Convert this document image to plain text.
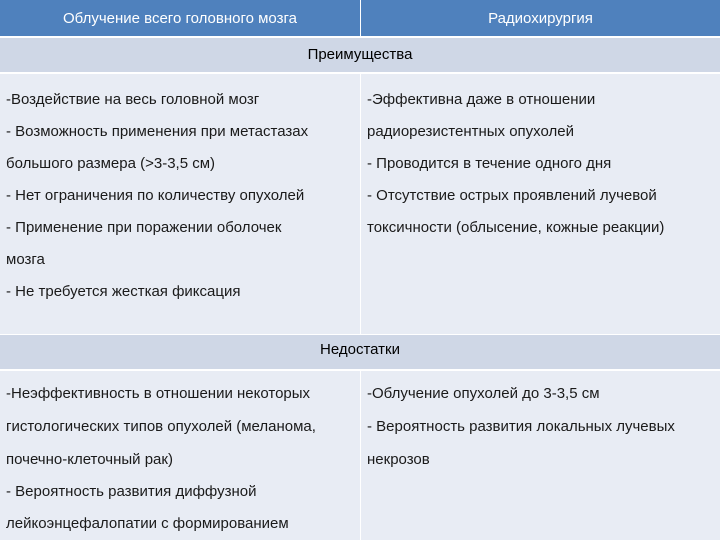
Облучение всего головного мозга	Радиохирургия
Преимущества
-Воздействие на весь головной мозг
- Возможность применения при метастазах
большого размера (>3-3,5 см)
- Нет ограничения по количеству опухолей
- Применение при поражении оболочек
мозга
- Не требуется жесткая фиксация
-Эффективна даже в отношении
радиорезистентных опухолей
- Проводится в течение одного дня
- Отсутствие острых проявлений лучевой
токсичности (облысение, кожные реакции)
Недостатки
-Неэффективность в отношении некоторых
гистологических типов опухолей (меланома,
почечно-клеточный рак)
- Вероятность развития диффузной
лейкоэнцефалопатии с формированием
-Облучение опухолей до 3-3,5 см
- Вероятность развития локальных лучевых
некрозов
